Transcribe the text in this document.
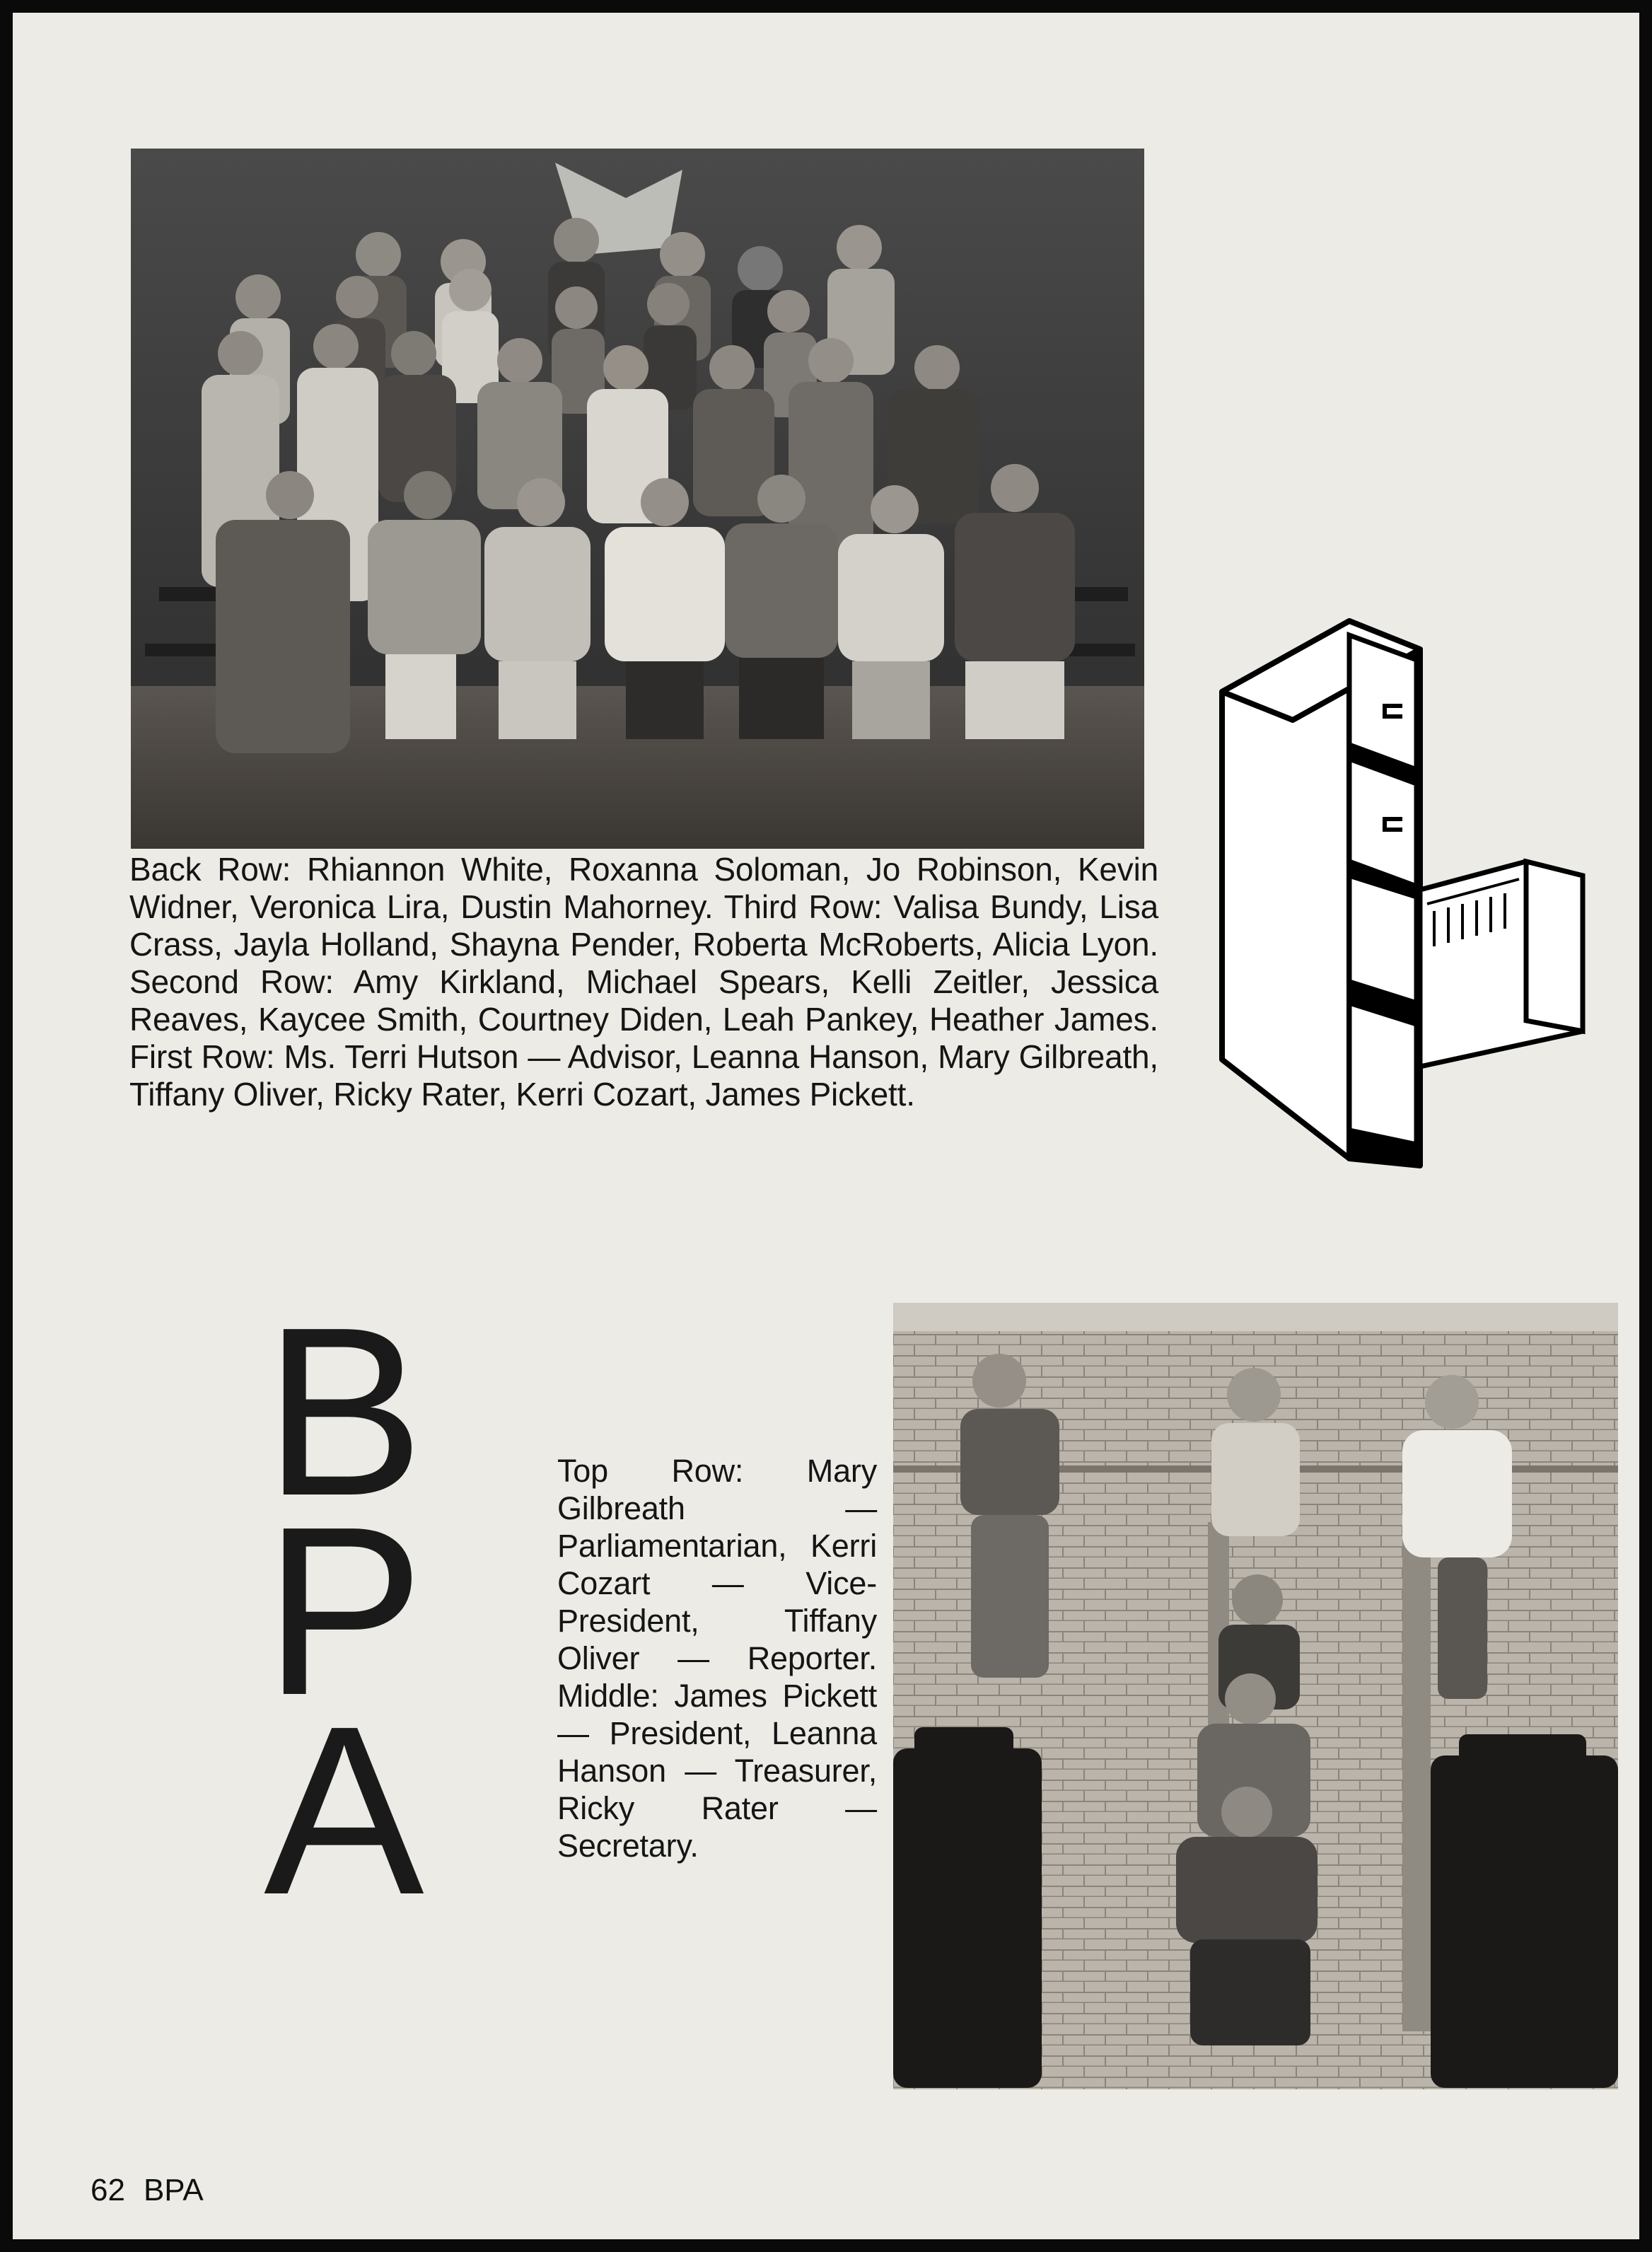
Back Row: Rhiannon White, Roxanna Soloman, Jo Robinson, Kevin Widner, Veronica Lira, Dustin Mahorney. Third Row: Valisa Bundy, Lisa Crass, Jayla Holland, Shayna Pender, Roberta McRoberts, Alicia Lyon. Second Row: Amy Kirkland, Michael Spears, Kelli Zeitler, Jessica Reaves, Kaycee Smith, Courtney Diden, Leah Pankey, Heather James. First Row: Ms. Terri Hutson — Advisor, Leanna Hanson, Mary Gilbreath, Tiffany Oliver, Ricky Rater, Kerri Cozart, James Pickett.
B
P
A
Top Row: Mary Gilbreath — Parliamentarian, Kerri Cozart — Vice-President, Tiffany Oliver — Reporter. Middle: James Pickett — President, Leanna Hanson — Treasurer, Ricky Rater — Secretary.
62 BPA
